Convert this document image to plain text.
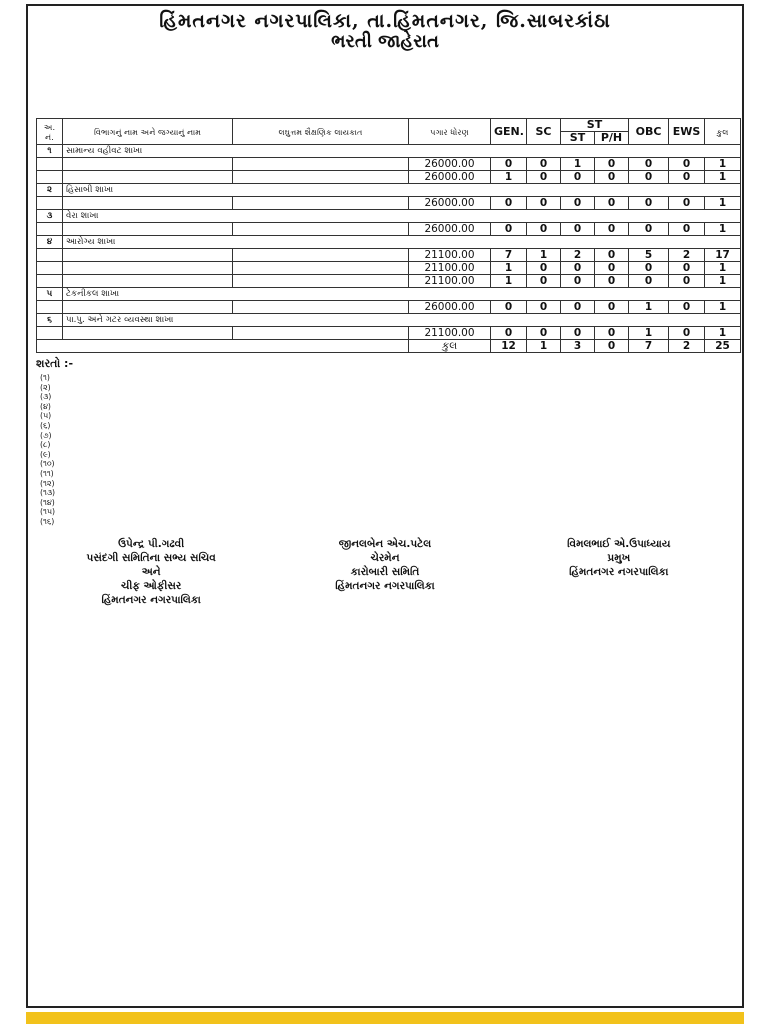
હિંમતનગર નગરપાલિકા, તા.હિંમતનગર, જિ.સાબરકાંઠા
ભરતી જાહેરાત
અ. નં.	વિભાગનું નામ અને જગ્યાનું નામ	લઘુત્તમ શૈક્ષણિક લાયકાત	પગાર ધોરણ	GEN.	SC	ST		OBC	EWS	કુલ
						ST	P/H			
૧	સામાન્ય વહીવટ શાખા									
			26000.00	0	0	1	0	0	0	1
			26000.00	1	0	0	0	0	0	1
૨	હિસાબી શાખા									
			26000.00	0	0	0	0	0	0	1
૩	વેરા શાખા									
			26000.00	0	0	0	0	0	0	1
૪	આરોગ્ય શાખા									
			21100.00	7	1	2	0	5	2	17
			21100.00	1	0	0	0	0	0	1
			21100.00	1	0	0	0	0	0	1
૫	ટેકનીકલ શાખા									
			26000.00	0	0	0	0	1	0	1
૬	પા.પુ. અને ગટર વ્યવસ્થા શાખા									
			21100.00	0	0	0	0	1	0	1
			કુલ	12	1	3	0	7	2	25
શરતો :-
(૧)
(૨)
(૩)
(૪)
(૫)
(૬)
(૭)
(૮)
(૯)
(૧૦)
(૧૧)
(૧૨)
(૧૩)
(૧૪)
(૧૫)
(૧૬)
ઉપેન્દ્ર પી.ગઢવી
પસંદગી સમિતિના સભ્ય સચિવ
અને
ચીફ ઓફીસર
હિંમતનગર નગરપાલિકા
જીનલબેન એચ.પટેલ
ચેરમેન
કારોબારી સમિતિ
હિંમતનગર નગરપાલિકા
વિમલભાઈ એ.ઉપાધ્યાય
પ્રમુખ
હિંમતનગર નગરપાલિકા
